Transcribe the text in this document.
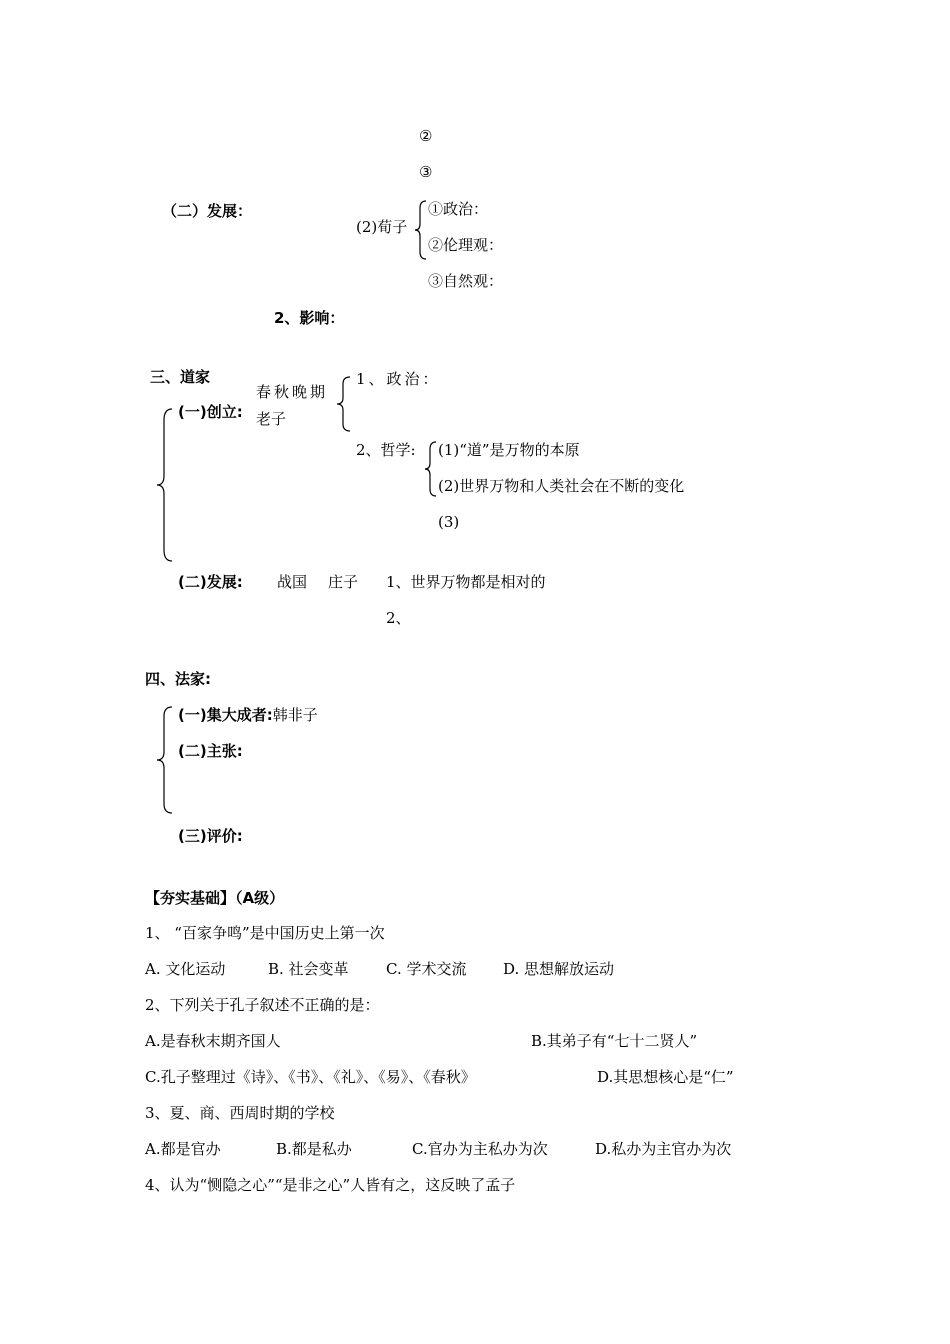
②
③
（二）发展：
(2)荀子
①政治：
②伦理观：
③自然观：
2、影响：
三、道家
(一)创立:
春秋晚期
老子
1、政治：
2、哲学: (1)“道”是万物的本原
(2)世界万物和人类社会在不断的变化
(3)
(二)发展: 战国 庄子 1、世界万物都是相对的
2、
四、法家:
(一)集大成者:韩非子
(二)主张:
(三)评价:
【夯实基础】（A级）
1、 “百家争鸣”是中国历史上第一次
A. 文化运动	B. 社会变革 C. 学术交流 D. 思想解放运动
2、下列关于孔子叙述不正确的是：
A.是春秋末期齐国人	B.其弟子有“七十二贤人”
C.孔子整理过《诗》、《书》、《礼》、《易》、《春秋》	D.其思想核心是“仁”
3、夏、商、西周时期的学校
A.都是官办	B.都是私办	C.官办为主私办为次	D.私办为主官办为次
4、认为“恻隐之心”“是非之心”人皆有之，这反映了孟子
